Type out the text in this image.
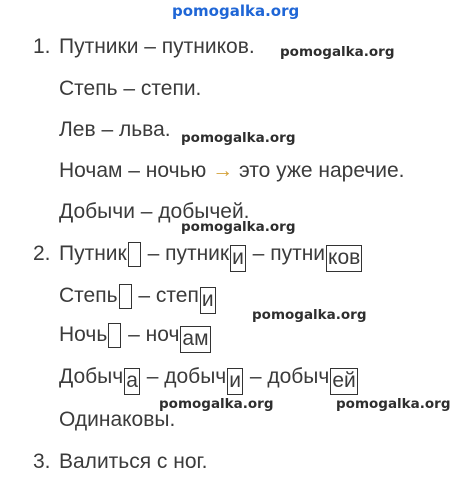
pomogalka.org
1. Путники – путников. pomogalka.org
Степь – степи.
Лев – льва. pomogalka.org
Ночам – ночью → это уже наречие.
Добычи – добычей.
pomogalka.org
2. Путник – путник и – путни ков
Степь – степ и
pomogalka.org
Ночь – ноч ам
Добыч а – добыч и – добыч ей
pomogalka.org	pomogalka.org
Одинаковы.
3. Валиться с ног.
